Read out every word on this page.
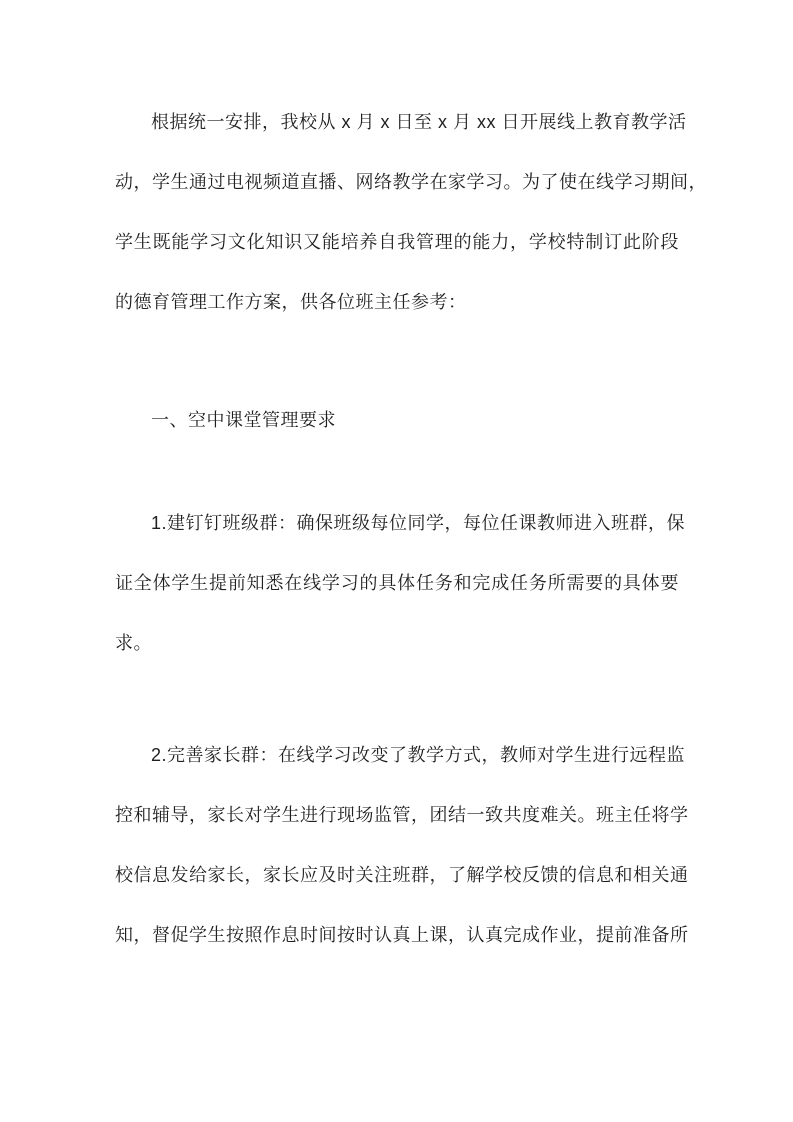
根据统一安排，我校从 x 月 x 日至 x 月 xx 日开展线上教育教学活
动，学生通过电视频道直播、网络教学在家学习。为了使在线学习期间，
学生既能学习文化知识又能培养自我管理的能力，学校特制订此阶段
的德育管理工作方案，供各位班主任参考：

一、空中课堂管理要求

1.建钉钉班级群：确保班级每位同学，每位任课教师进入班群，保
证全体学生提前知悉在线学习的具体任务和完成任务所需要的具体要
求。

2.完善家长群：在线学习改变了教学方式，教师对学生进行远程监
控和辅导，家长对学生进行现场监管，团结一致共度难关。班主任将学
校信息发给家长，家长应及时关注班群，了解学校反馈的信息和相关通
知，督促学生按照作息时间按时认真上课，认真完成作业，提前准备所
